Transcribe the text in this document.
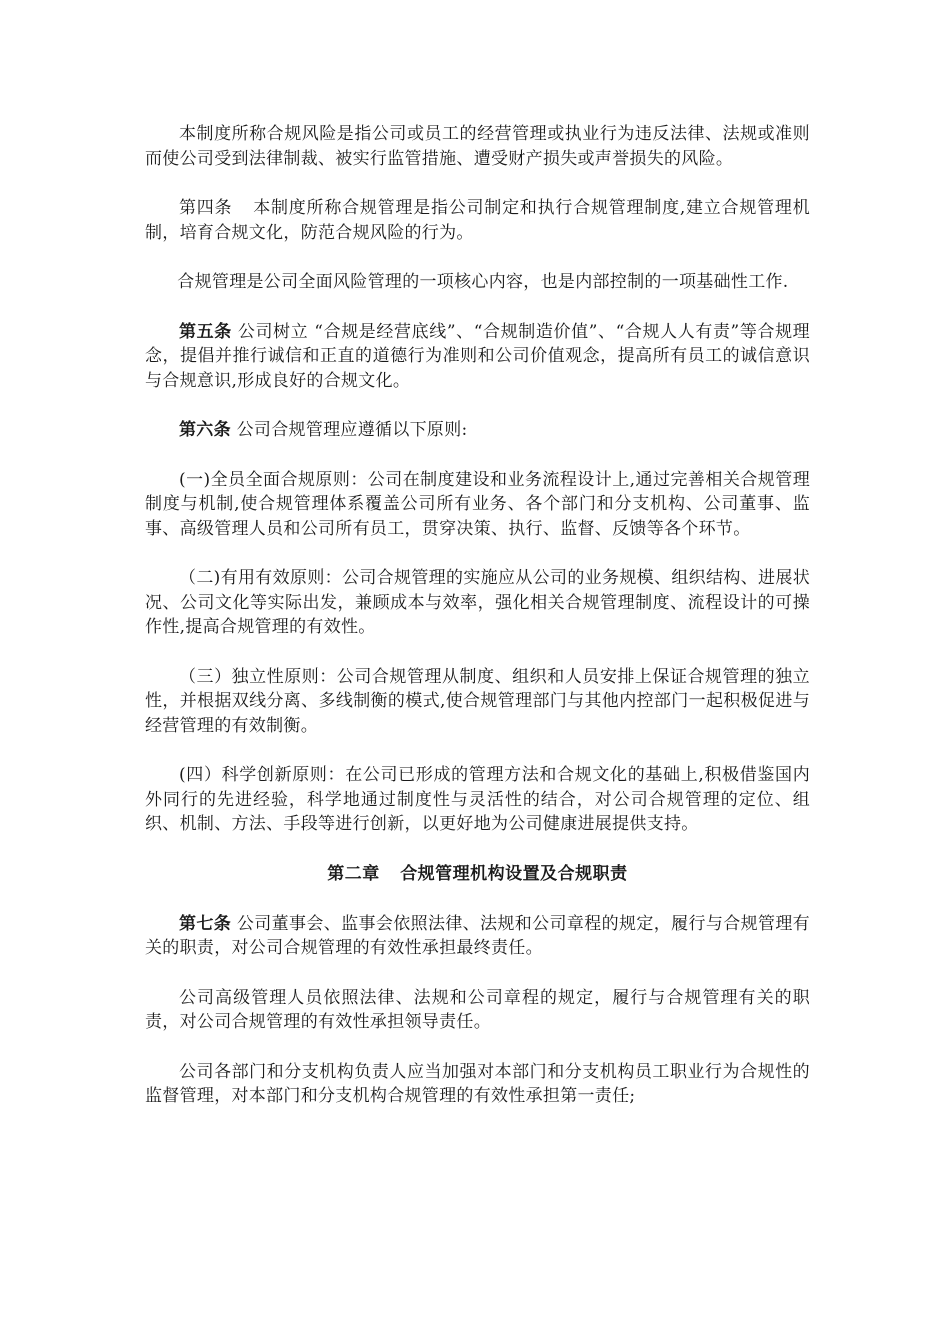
本制度所称合规风险是指公司或员工的经营管理或执业行为违反法律、法规或准则而使公司受到法律制裁、被实行监管措施、遭受财产损失或声誉损失的风险。

第四条 本制度所称合规管理是指公司制定和执行合规管理制度,建立合规管理机制，培育合规文化，防范合规风险的行为。

合规管理是公司全面风险管理的一项核心内容，也是内部控制的一项基础性工作.

第五条 公司树立 “合规是经营底线”、“合规制造价值”、“合规人人有责”等合规理念，提倡并推行诚信和正直的道德行为准则和公司价值观念，提高所有员工的诚信意识与合规意识,形成良好的合规文化。

第六条 公司合规管理应遵循以下原则:

(一)全员全面合规原则：公司在制度建设和业务流程设计上,通过完善相关合规管理制度与机制,使合规管理体系覆盖公司所有业务、各个部门和分支机构、公司董事、监事、高级管理人员和公司所有员工，贯穿决策、执行、监督、反馈等各个环节。

（二)有用有效原则：公司合规管理的实施应从公司的业务规模、组织结构、进展状况、公司文化等实际出发，兼顾成本与效率，强化相关合规管理制度、流程设计的可操作性,提高合规管理的有效性。

（三）独立性原则：公司合规管理从制度、组织和人员安排上保证合规管理的独立性，并根据双线分离、多线制衡的模式,使合规管理部门与其他内控部门一起积极促进与经营管理的有效制衡。

(四）科学创新原则：在公司已形成的管理方法和合规文化的基础上,积极借鉴国内外同行的先进经验，科学地通过制度性与灵活性的结合，对公司合规管理的定位、组织、机制、方法、手段等进行创新，以更好地为公司健康进展提供支持。

第二章 合规管理机构设置及合规职责

第七条 公司董事会、监事会依照法律、法规和公司章程的规定，履行与合规管理有关的职责，对公司合规管理的有效性承担最终责任。

公司高级管理人员依照法律、法规和公司章程的规定，履行与合规管理有关的职责，对公司合规管理的有效性承担领导责任。

公司各部门和分支机构负责人应当加强对本部门和分支机构员工职业行为合规性的监督管理，对本部门和分支机构合规管理的有效性承担第一责任;
